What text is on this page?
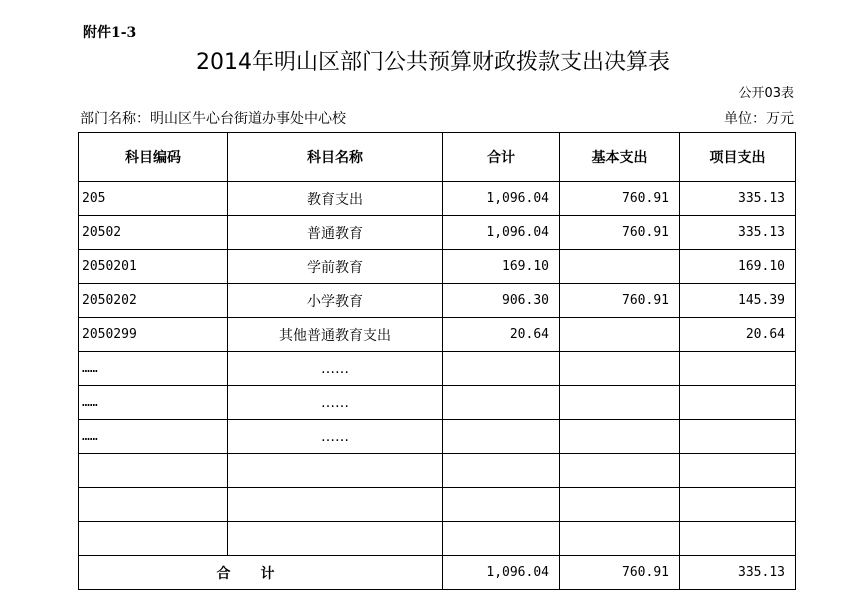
附件1-3
2014年明山区部门公共预算财政拨款支出决算表
公开03表
部门名称：明山区牛心台街道办事处中心校	单位：万元
科目编码	科目名称	合计	基本支出	项目支出
205	教育支出	1,096.04	760.91	335.13
20502	普通教育	1,096.04	760.91	335.13
2050201	学前教育	169.10		169.10
2050202	小学教育	906.30	760.91	145.39
2050299	其他普通教育支出	20.64		20.64
……	……			
……	……			
……	……			

合计		1,096.04	760.91	335.13
